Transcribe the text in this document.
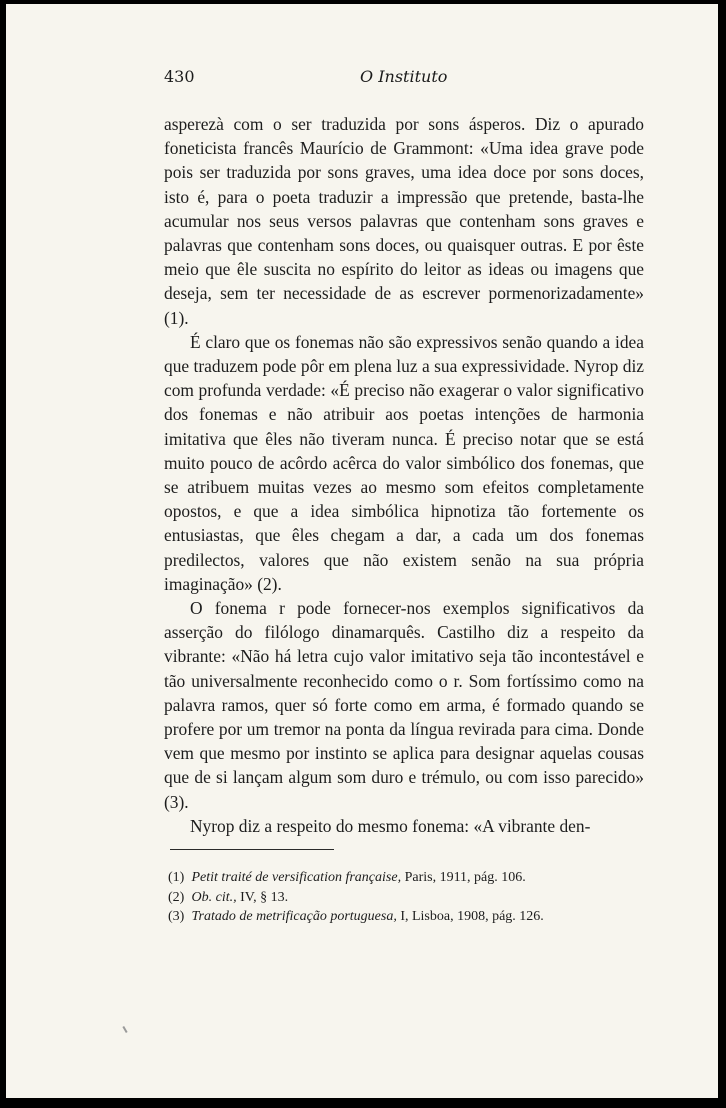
430	O Instituto

asperezà com o ser traduzida por sons ásperos. Diz o apurado foneticista francês Maurício de Grammont: «Uma idea grave pode pois ser traduzida por sons graves, uma idea doce por sons doces, isto é, para o poeta traduzir a impressão que pretende, basta-lhe acumular nos seus versos palavras que contenham sons graves e palavras que contenham sons doces, ou quaisquer outras. E por êste meio que êle suscita no espírito do leitor as ideas ou imagens que deseja, sem ter necessidade de as escrever pormenorizadamente» (1).

É claro que os fonemas não são expressivos senão quando a idea que traduzem pode pôr em plena luz a sua expressividade. Nyrop diz com profunda verdade: «É preciso não exagerar o valor significativo dos fonemas e não atribuir aos poetas intenções de harmonia imitativa que êles não tiveram nunca. É preciso notar que se está muito pouco de acôrdo acêrca do valor simbólico dos fonemas, que se atribuem muitas vezes ao mesmo som efeitos completamente opostos, e que a idea simbólica hipnotiza tão fortemente os entusiastas, que êles chegam a dar, a cada um dos fonemas predilectos, valores que não existem senão na sua própria imaginação» (2).

O fonema r pode fornecer-nos exemplos significativos da asserção do filólogo dinamarquês. Castilho diz a respeito da vibrante: «Não há letra cujo valor imitativo seja tão incontestável e tão universalmente reconhecido como o r. Som fortíssimo como na palavra ramos, quer só forte como em arma, é formado quando se profere por um tremor na ponta da língua revirada para cima. Donde vem que mesmo por instinto se aplica para designar aquelas cousas que de si lançam algum som duro e trémulo, ou com isso parecido» (3).

Nyrop diz a respeito do mesmo fonema: «A vibrante den-

(1) Petit traité de versification française, Paris, 1911, pág. 106.
(2) Ob. cit., IV, § 13.
(3) Tratado de metrificação portuguesa, I, Lisboa, 1908, pág. 126.
